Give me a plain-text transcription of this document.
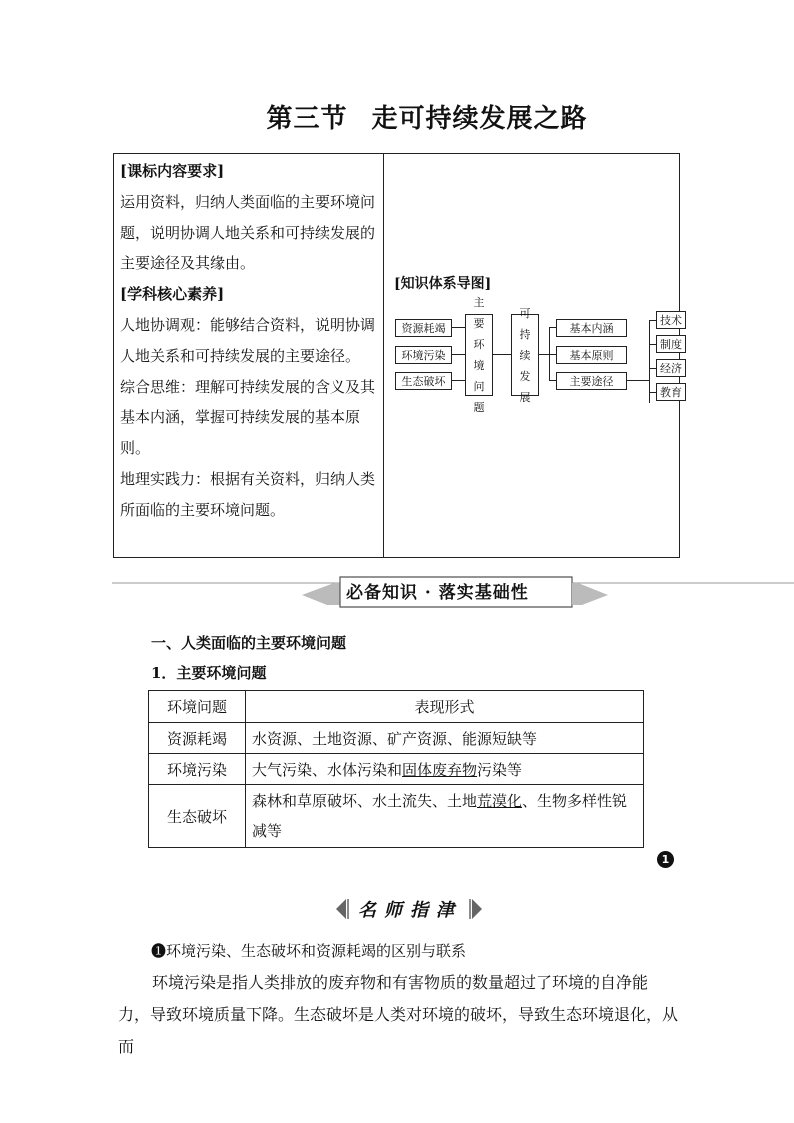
第三节 走可持续发展之路

[课标内容要求]

运用资料，归纳人类面临的主要环境问题，说明协调人地关系和可持续发展的主要途径及其缘由。

[学科核心素养]

人地协调观：能够结合资料，说明协调人地关系和可持续发展的主要途径。

综合思维：理解可持续发展的含义及其基本内涵，掌握可持续发展的基本原则。

地理实践力：根据有关资料，归纳人类所面临的主要环境问题。

[知识体系导图]
资源耗竭
环境污染
生态破坏
主要环境问题
可持续发展
基本内涵
基本原则
主要途径
技术
制度
经济
教育
必备知识 · 落实基础性
一、人类面临的主要环境问题
1．主要环境问题
环境问题	表现形式
资源耗竭	水资源、土地资源、矿产资源、能源短缺等
环境污染	大气污染、水体污染和固体废弃物污染等
生态破坏	森林和草原破坏、水土流失、土地荒漠化、生物多样性锐减等
1
名师指津
❶环境污染、生态破坏和资源耗竭的区别与联系

环境污染是指人类排放的废弃物和有害物质的数量超过了环境的自净能力，导致环境质量下降。生态破坏是人类对环境的破坏，导致生态环境退化，从而
